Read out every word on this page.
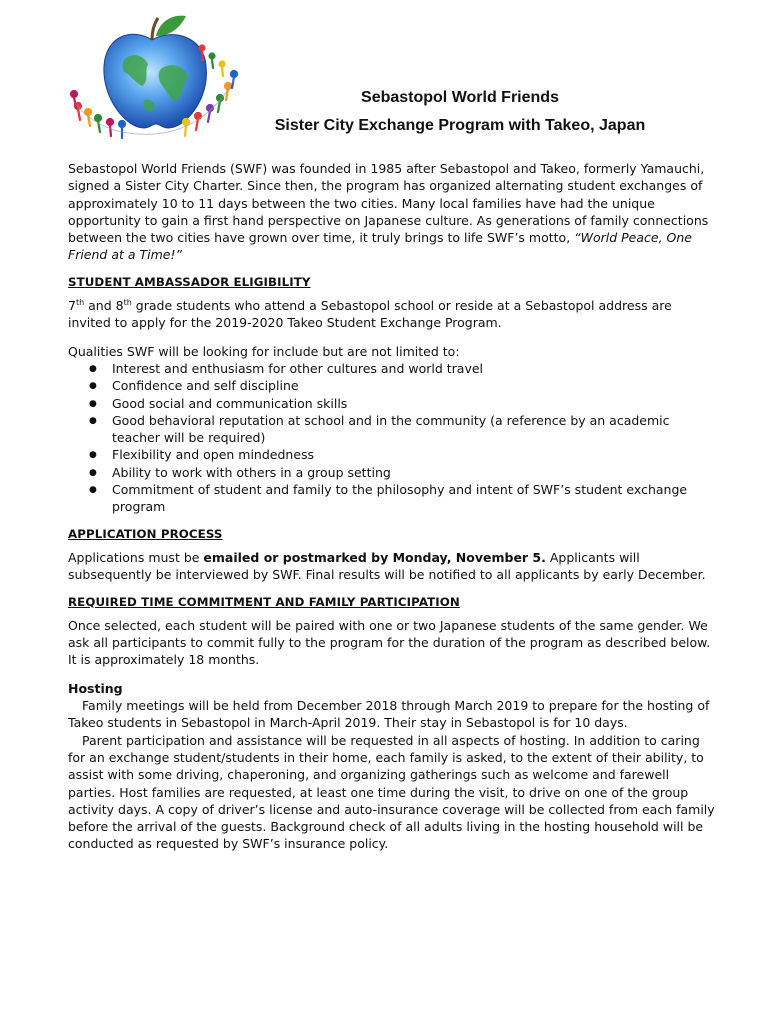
Sebastopol World Friends

Sister City Exchange Program with Takeo, Japan

Sebastopol World Friends (SWF) was founded in 1985 after Sebastopol and Takeo, formerly Yamauchi, signed a Sister City Charter. Since then, the program has organized alternating student exchanges of approximately 10 to 11 days between the two cities. Many local families have had the unique opportunity to gain a first hand perspective on Japanese culture. As generations of family connections between the two cities have grown over time, it truly brings to life SWF’s motto, “World Peace, One Friend at a Time!”

STUDENT AMBASSADOR ELIGIBILITY

7th and 8th grade students who attend a Sebastopol school or reside at a Sebastopol address are invited to apply for the 2019-2020 Takeo Student Exchange Program.

Qualities SWF will be looking for include but are not limited to:

● Interest and enthusiasm for other cultures and world travel
● Confidence and self discipline
● Good social and communication skills
● Good behavioral reputation at school and in the community (a reference by an academic teacher will be required)
● Flexibility and open mindedness
● Ability to work with others in a group setting
● Commitment of student and family to the philosophy and intent of SWF’s student exchange program

APPLICATION PROCESS

Applications must be emailed or postmarked by Monday, November 5. Applicants will subsequently be interviewed by SWF. Final results will be notified to all applicants by early December.

REQUIRED TIME COMMITMENT AND FAMILY PARTICIPATION

Once selected, each student will be paired with one or two Japanese students of the same gender. We ask all participants to commit fully to the program for the duration of the program as described below. It is approximately 18 months.

Hosting

Family meetings will be held from December 2018 through March 2019 to prepare for the hosting of Takeo students in Sebastopol in March-April 2019. Their stay in Sebastopol is for 10 days.

Parent participation and assistance will be requested in all aspects of hosting. In addition to caring for an exchange student/students in their home, each family is asked, to the extent of their ability, to assist with some driving, chaperoning, and organizing gatherings such as welcome and farewell parties. Host families are requested, at least one time during the visit, to drive on one of the group activity days. A copy of driver’s license and auto-insurance coverage will be collected from each family before the arrival of the guests. Background check of all adults living in the hosting household will be conducted as requested by SWF’s insurance policy.
